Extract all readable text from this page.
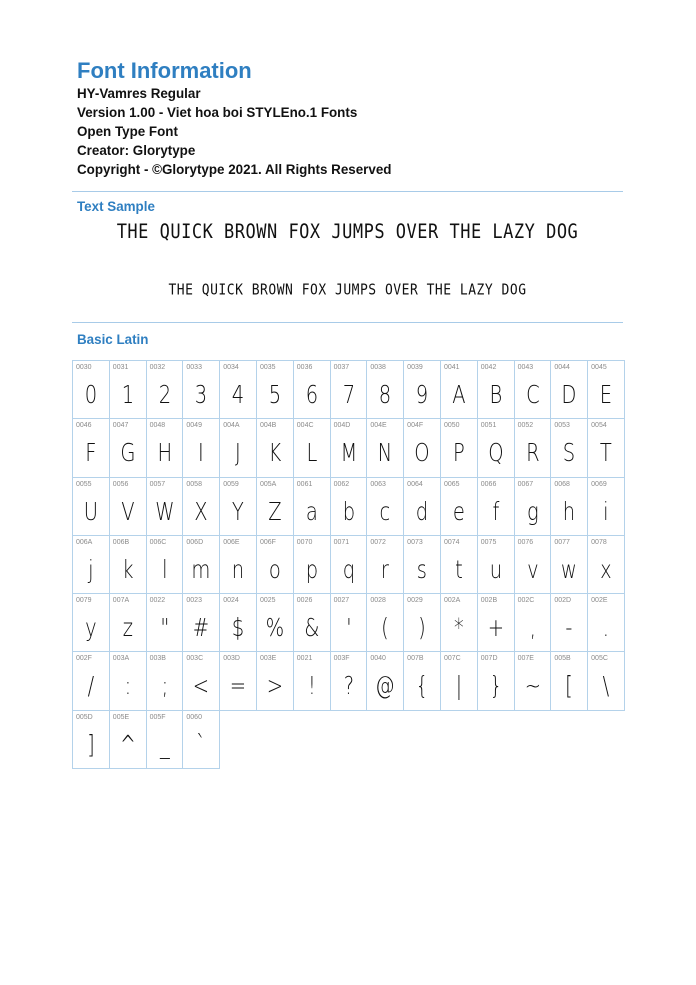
Font Information
HY-Vamres Regular
Version 1.00 - Viet hoa boi STYLEno.1 Fonts
Open Type Font
Creator: Glorytype
Copyright - ©Glorytype 2021. All Rights Reserved
Text Sample
THE QUICK BROWN FOX JUMPS OVER THE LAZY DOG
THE QUICK BROWN FOX JUMPS OVER THE LAZY DOG
Basic Latin
0030
0
0031
1
0032
2
0033
3
0034
4
0035
5
0036
6
0037
7
0038
8
0039
9
0041
A
0042
B
0043
C
0044
D
0045
E
0046
F
0047
G
0048
H
0049
I
004A
J
004B
K
004C
L
004D
M
004E
N
004F
O
0050
P
0051
Q
0052
R
0053
S
0054
T
0055
U
0056
V
0057
W
0058
X
0059
Y
005A
Z
0061
a
0062
b
0063
c
0064
d
0065
e
0066
f
0067
g
0068
h
0069
i
006A
j
006B
k
006C
l
006D
m
006E
n
006F
o
0070
p
0071
q
0072
r
0073
s
0074
t
0075
u
0076
v
0077
w
0078
x
0079
y
007A
z
0022
"
0023
#
0024
$
0025
%
0026
&
0027
'
0028
(
0029
)
002A
*
002B
+
002C
,
002D
-
002E
.
002F
/
003A
:
003B
;
003C
<
003D
=
003E
>
0021
!
003F
?
0040
@
007B
{
007C
|
007D
}
007E
~
005B
[
005C
\
005D
]
005E
^
005F
_
0060
`
